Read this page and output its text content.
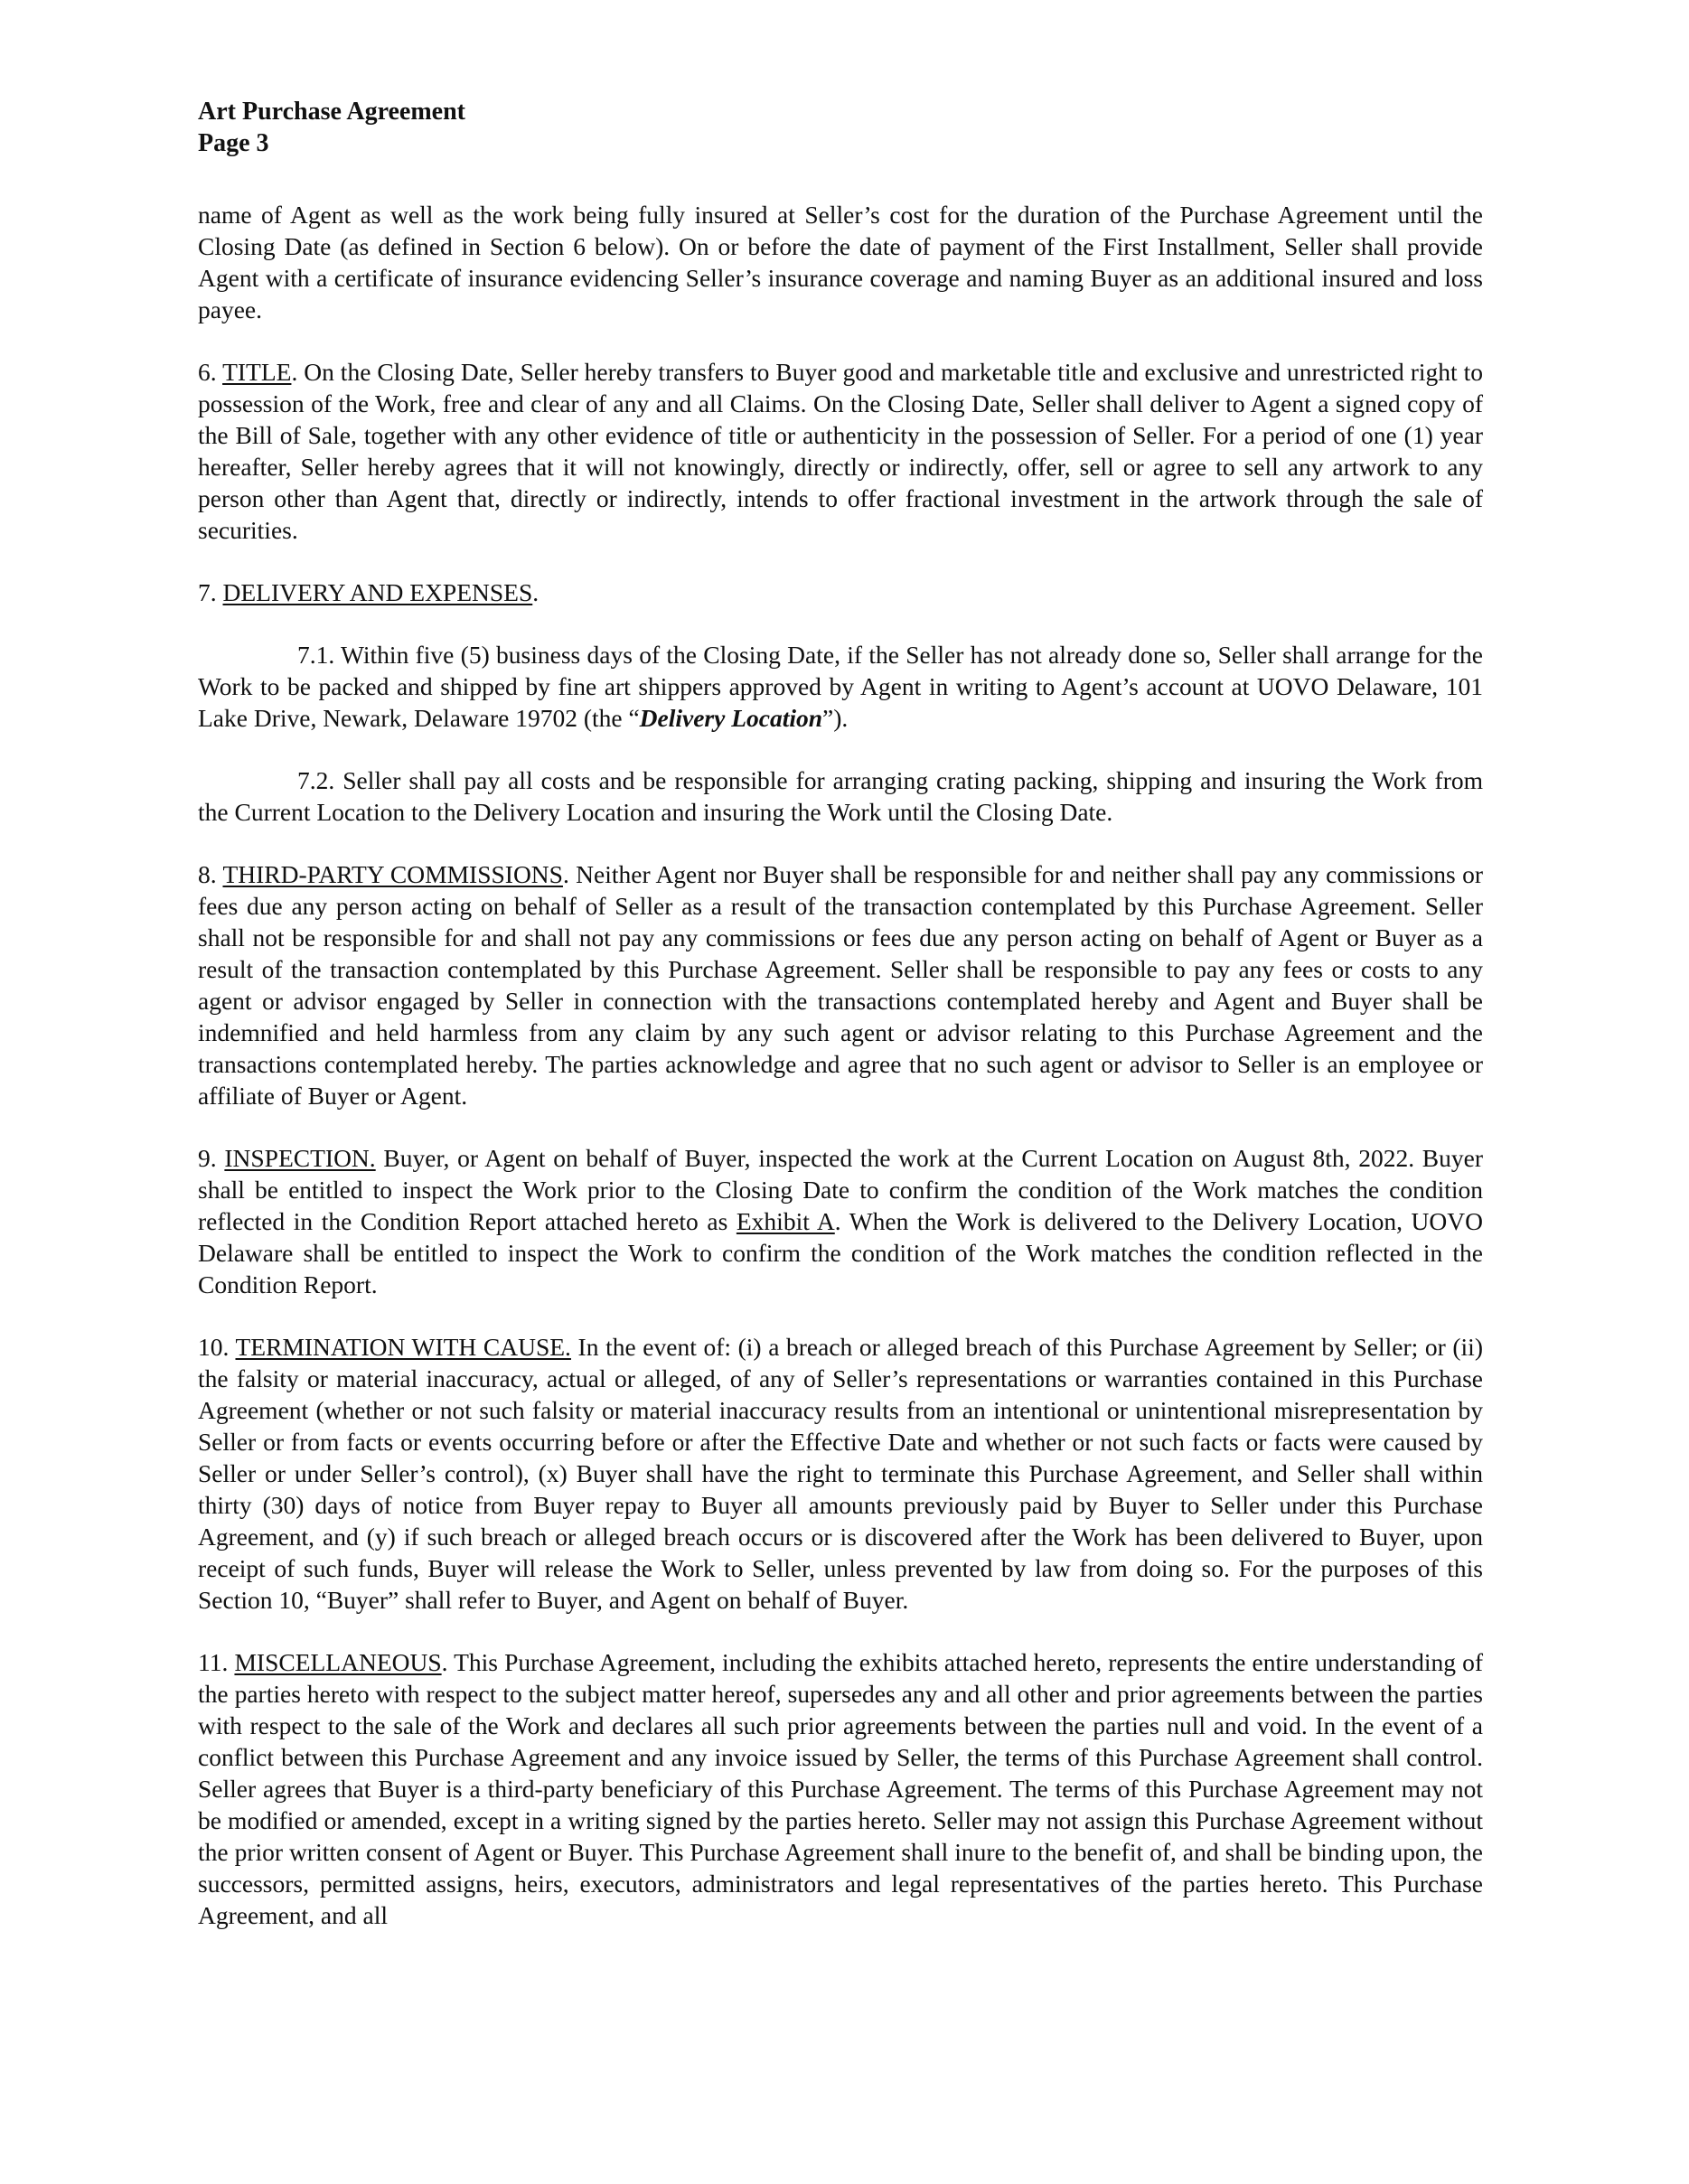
Art Purchase Agreement
Page 3

name of Agent as well as the work being fully insured at Seller’s cost for the duration of the Purchase Agreement until the Closing Date (as defined in Section 6 below). On or before the date of payment of the First Installment, Seller shall provide Agent with a certificate of insurance evidencing Seller’s insurance coverage and naming Buyer as an additional insured and loss payee.

6. TITLE. On the Closing Date, Seller hereby transfers to Buyer good and marketable title and exclusive and unrestricted right to possession of the Work, free and clear of any and all Claims. On the Closing Date, Seller shall deliver to Agent a signed copy of the Bill of Sale, together with any other evidence of title or authenticity in the possession of Seller. For a period of one (1) year hereafter, Seller hereby agrees that it will not knowingly, directly or indirectly, offer, sell or agree to sell any artwork to any person other than Agent that, directly or indirectly, intends to offer fractional investment in the artwork through the sale of securities.

7. DELIVERY AND EXPENSES.

7.1. Within five (5) business days of the Closing Date, if the Seller has not already done so, Seller shall arrange for the Work to be packed and shipped by fine art shippers approved by Agent in writing to Agent’s account at UOVO Delaware, 101 Lake Drive, Newark, Delaware 19702 (the “Delivery Location”).

7.2. Seller shall pay all costs and be responsible for arranging crating packing, shipping and insuring the Work from the Current Location to the Delivery Location and insuring the Work until the Closing Date.

8. THIRD-PARTY COMMISSIONS. Neither Agent nor Buyer shall be responsible for and neither shall pay any commissions or fees due any person acting on behalf of Seller as a result of the transaction contemplated by this Purchase Agreement. Seller shall not be responsible for and shall not pay any commissions or fees due any person acting on behalf of Agent or Buyer as a result of the transaction contemplated by this Purchase Agreement. Seller shall be responsible to pay any fees or costs to any agent or advisor engaged by Seller in connection with the transactions contemplated hereby and Agent and Buyer shall be indemnified and held harmless from any claim by any such agent or advisor relating to this Purchase Agreement and the transactions contemplated hereby. The parties acknowledge and agree that no such agent or advisor to Seller is an employee or affiliate of Buyer or Agent.

9. INSPECTION. Buyer, or Agent on behalf of Buyer, inspected the work at the Current Location on August 8th, 2022. Buyer shall be entitled to inspect the Work prior to the Closing Date to confirm the condition of the Work matches the condition reflected in the Condition Report attached hereto as Exhibit A. When the Work is delivered to the Delivery Location, UOVO Delaware shall be entitled to inspect the Work to confirm the condition of the Work matches the condition reflected in the Condition Report.

10. TERMINATION WITH CAUSE. In the event of: (i) a breach or alleged breach of this Purchase Agreement by Seller; or (ii) the falsity or material inaccuracy, actual or alleged, of any of Seller’s representations or warranties contained in this Purchase Agreement (whether or not such falsity or material inaccuracy results from an intentional or unintentional misrepresentation by Seller or from facts or events occurring before or after the Effective Date and whether or not such facts or facts were caused by Seller or under Seller’s control), (x) Buyer shall have the right to terminate this Purchase Agreement, and Seller shall within thirty (30) days of notice from Buyer repay to Buyer all amounts previously paid by Buyer to Seller under this Purchase Agreement, and (y) if such breach or alleged breach occurs or is discovered after the Work has been delivered to Buyer, upon receipt of such funds, Buyer will release the Work to Seller, unless prevented by law from doing so. For the purposes of this Section 10, “Buyer” shall refer to Buyer, and Agent on behalf of Buyer.

11. MISCELLANEOUS. This Purchase Agreement, including the exhibits attached hereto, represents the entire understanding of the parties hereto with respect to the subject matter hereof, supersedes any and all other and prior agreements between the parties with respect to the sale of the Work and declares all such prior agreements between the parties null and void. In the event of a conflict between this Purchase Agreement and any invoice issued by Seller, the terms of this Purchase Agreement shall control. Seller agrees that Buyer is a third-party beneficiary of this Purchase Agreement. The terms of this Purchase Agreement may not be modified or amended, except in a writing signed by the parties hereto. Seller may not assign this Purchase Agreement without the prior written consent of Agent or Buyer. This Purchase Agreement shall inure to the benefit of, and shall be binding upon, the successors, permitted assigns, heirs, executors, administrators and legal representatives of the parties hereto. This Purchase Agreement, and all
